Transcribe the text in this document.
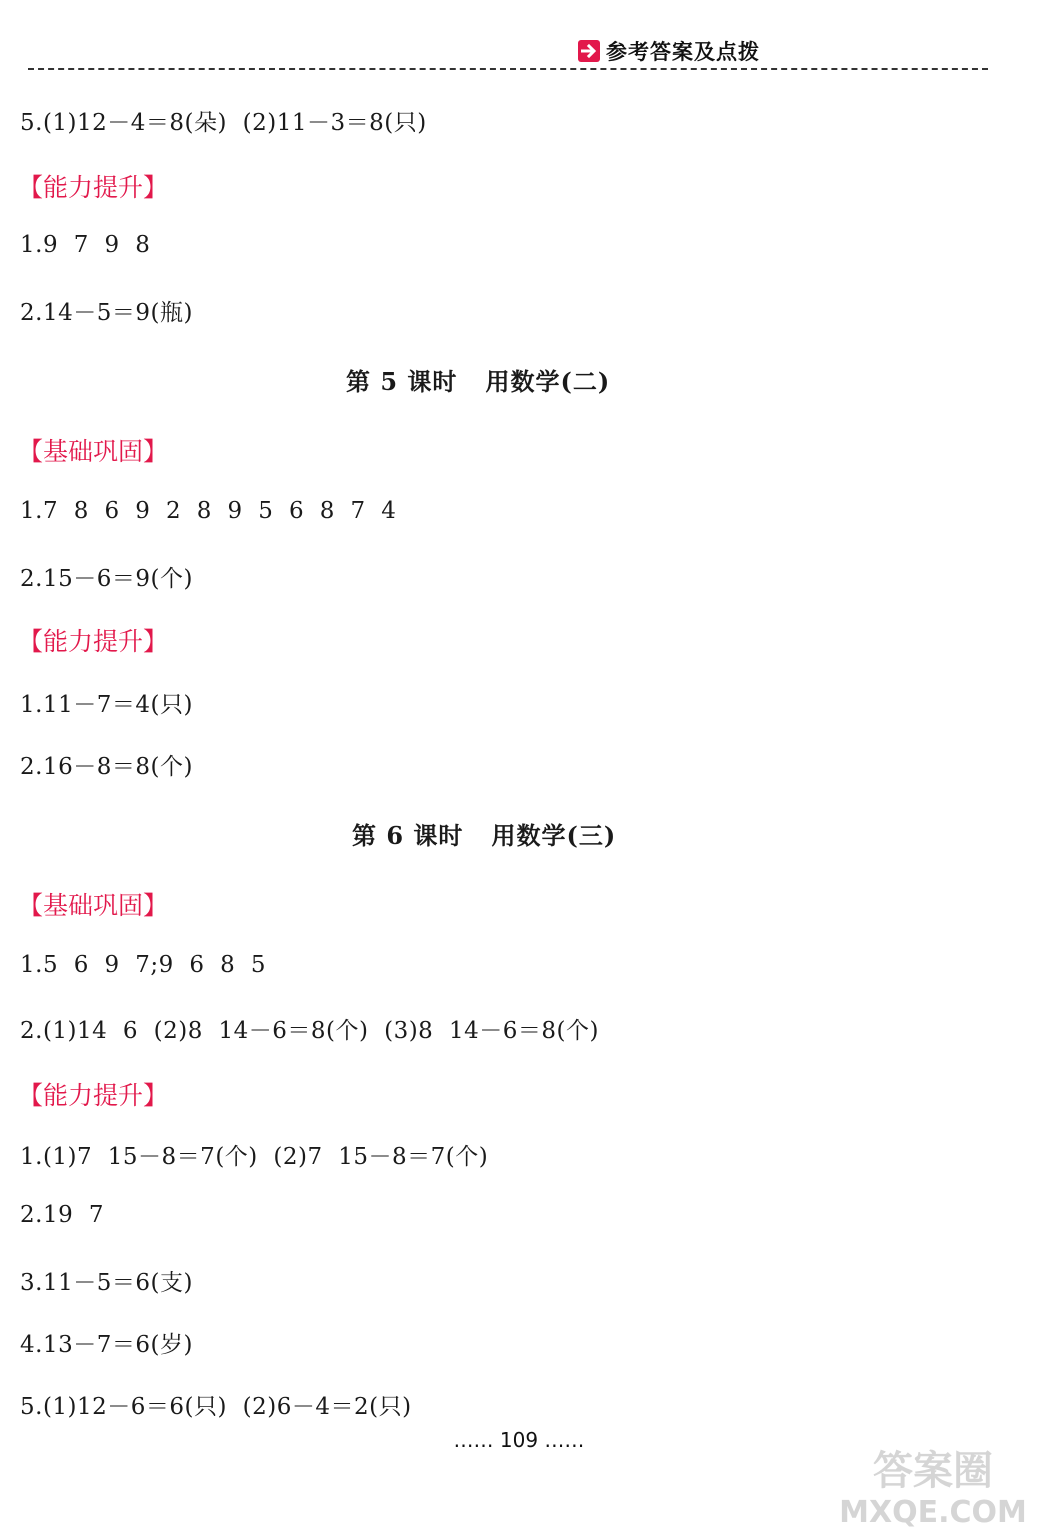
参考答案及点拨
5.(1)12－4＝8(朵)  (2)11－3＝8(只)
【能力提升】
1.9  7  9  8
2.14－5＝9(瓶)
第 5 课时   用数学(二)
【基础巩固】
1.7  8  6  9  2  8  9  5  6  8  7  4
2.15－6＝9(个)
【能力提升】
1.11－7＝4(只)
2.16－8＝8(个)
第 6 课时   用数学(三)
【基础巩固】
1.5  6  9  7;9  6  8  5
2.(1)14  6  (2)8  14－6＝8(个)  (3)8  14－6＝8(个)
【能力提升】
1.(1)7  15－8＝7(个)  (2)7  15－8＝7(个)
2.19  7
3.11－5＝6(支)
4.13－7＝6(岁)
5.(1)12－6＝6(只)  (2)6－4＝2(只)
…… 109 ……
答案圈
MXQE.COM
